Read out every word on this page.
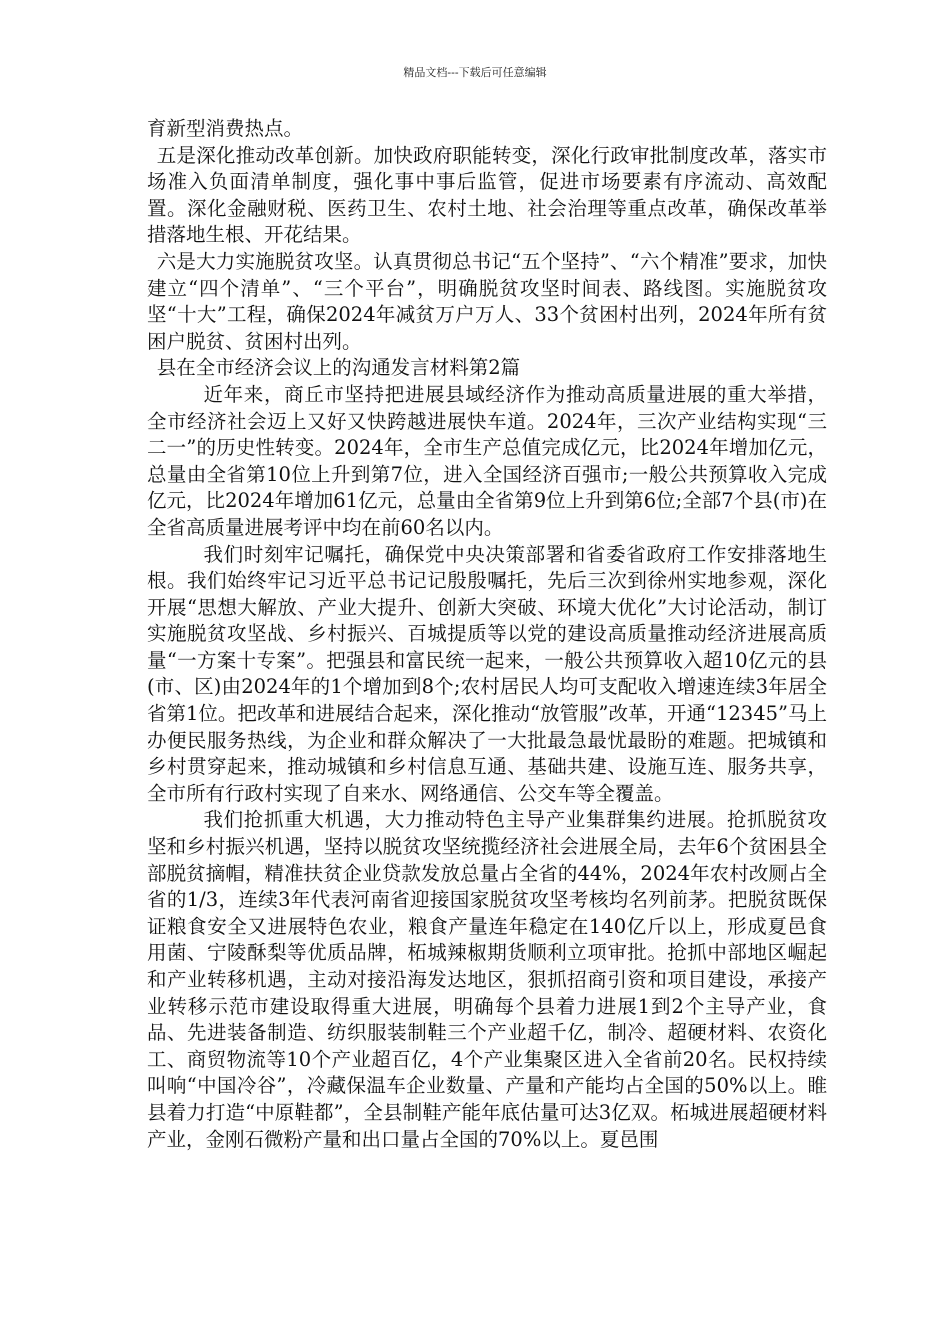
精品文档---下载后可任意编辑

育新型消费热点。

五是深化推动改革创新。加快政府职能转变，深化行政审批制度改革，落实市场准入负面清单制度，强化事中事后监管，促进市场要素有序流动、高效配置。深化金融财税、医药卫生、农村土地、社会治理等重点改革，确保改革举措落地生根、开花结果。

六是大力实施脱贫攻坚。认真贯彻总书记“五个坚持”、“六个精准”要求，加快建立“四个清单”、“三个平台”，明确脱贫攻坚时间表、路线图。实施脱贫攻坚“十大”工程，确保2024年减贫万户万人、33个贫困村出列，2024年所有贫困户脱贫、贫困村出列。

县在全市经济会议上的沟通发言材料第2篇

近年来，商丘市坚持把进展县域经济作为推动高质量进展的重大举措，全市经济社会迈上又好又快跨越进展快车道。2024年，三次产业结构实现“三二一”的历史性转变。2024年，全市生产总值完成亿元，比2024年增加亿元，总量由全省第10位上升到第7位，进入全国经济百强市;一般公共预算收入完成亿元，比2024年增加61亿元，总量由全省第9位上升到第6位;全部7个县(市)在全省高质量进展考评中均在前60名以内。

我们时刻牢记嘱托，确保党中央决策部署和省委省政府工作安排落地生根。我们始终牢记习近平总书记记殷殷嘱托，先后三次到徐州实地参观，深化开展“思想大解放、产业大提升、创新大突破、环境大优化”大讨论活动，制订实施脱贫攻坚战、乡村振兴、百城提质等以党的建设高质量推动经济进展高质量“一方案十专案”。把强县和富民统一起来，一般公共预算收入超10亿元的县(市、区)由2024年的1个增加到8个;农村居民人均可支配收入增速连续3年居全省第1位。把改革和进展结合起来，深化推动“放管服”改革，开通“12345”马上办便民服务热线，为企业和群众解决了一大批最急最忧最盼的难题。把城镇和乡村贯穿起来，推动城镇和乡村信息互通、基础共建、设施互连、服务共享，全市所有行政村实现了自来水、网络通信、公交车等全覆盖。

我们抢抓重大机遇，大力推动特色主导产业集群集约进展。抢抓脱贫攻坚和乡村振兴机遇，坚持以脱贫攻坚统揽经济社会进展全局，去年6个贫困县全部脱贫摘帽，精准扶贫企业贷款发放总量占全省的44%，2024年农村改厕占全省的1/3，连续3年代表河南省迎接国家脱贫攻坚考核均名列前茅。把脱贫既保证粮食安全又进展特色农业，粮食产量连年稳定在140亿斤以上，形成夏邑食用菌、宁陵酥梨等优质品牌，柘城辣椒期货顺利立项审批。抢抓中部地区崛起和产业转移机遇，主动对接沿海发达地区，狠抓招商引资和项目建设，承接产业转移示范市建设取得重大进展，明确每个县着力进展1到2个主导产业，食品、先进装备制造、纺织服装制鞋三个产业超千亿，制冷、超硬材料、农资化工、商贸物流等10个产业超百亿，4个产业集聚区进入全省前20名。民权持续叫响“中国冷谷”，冷藏保温车企业数量、产量和产能均占全国的50%以上。睢县着力打造“中原鞋都”，全县制鞋产能年底估量可达3亿双。柘城进展超硬材料产业，金刚石微粉产量和出口量占全国的70%以上。夏邑围
